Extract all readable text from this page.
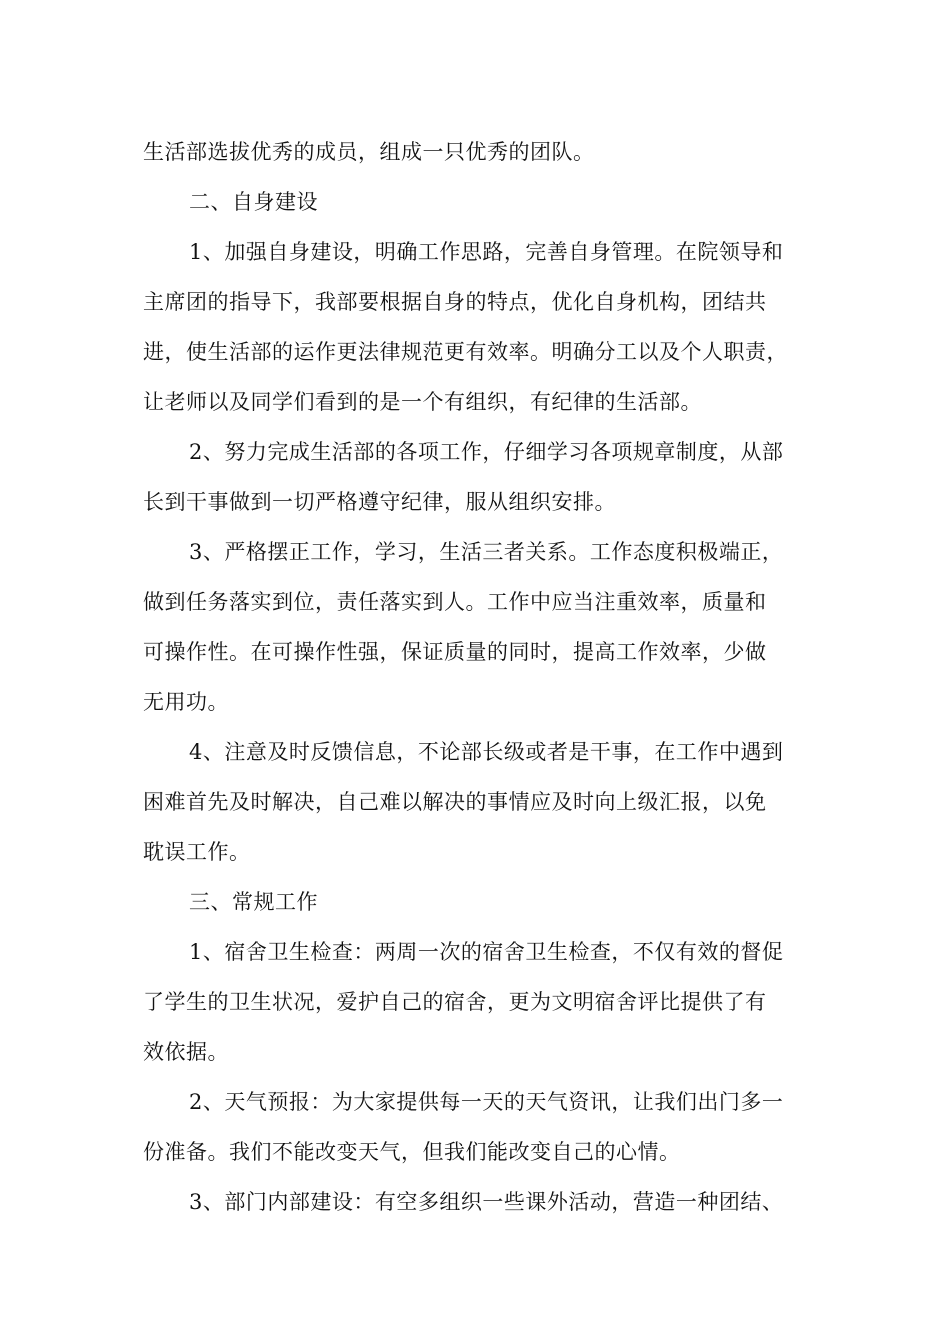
生活部选拔优秀的成员，组成一只优秀的团队。
二、自身建设
1、加强自身建设，明确工作思路，完善自身管理。在院领导和
主席团的指导下，我部要根据自身的特点，优化自身机构，团结共
进，使生活部的运作更法律规范更有效率。明确分工以及个人职责，
让老师以及同学们看到的是一个有组织，有纪律的生活部。
2、努力完成生活部的各项工作，仔细学习各项规章制度，从部
长到干事做到一切严格遵守纪律，服从组织安排。
3、严格摆正工作，学习，生活三者关系。工作态度积极端正，
做到任务落实到位，责任落实到人。工作中应当注重效率，质量和
可操作性。在可操作性强，保证质量的同时，提高工作效率，少做
无用功。
4、注意及时反馈信息，不论部长级或者是干事，在工作中遇到
困难首先及时解决，自己难以解决的事情应及时向上级汇报，以免
耽误工作。
三、常规工作
1、宿舍卫生检查：两周一次的宿舍卫生检查，不仅有效的督促
了学生的卫生状况，爱护自己的宿舍，更为文明宿舍评比提供了有
效依据。
2、天气预报：为大家提供每一天的天气资讯，让我们出门多一
份准备。我们不能改变天气，但我们能改变自己的心情。
3、部门内部建设：有空多组织一些课外活动，营造一种团结、
